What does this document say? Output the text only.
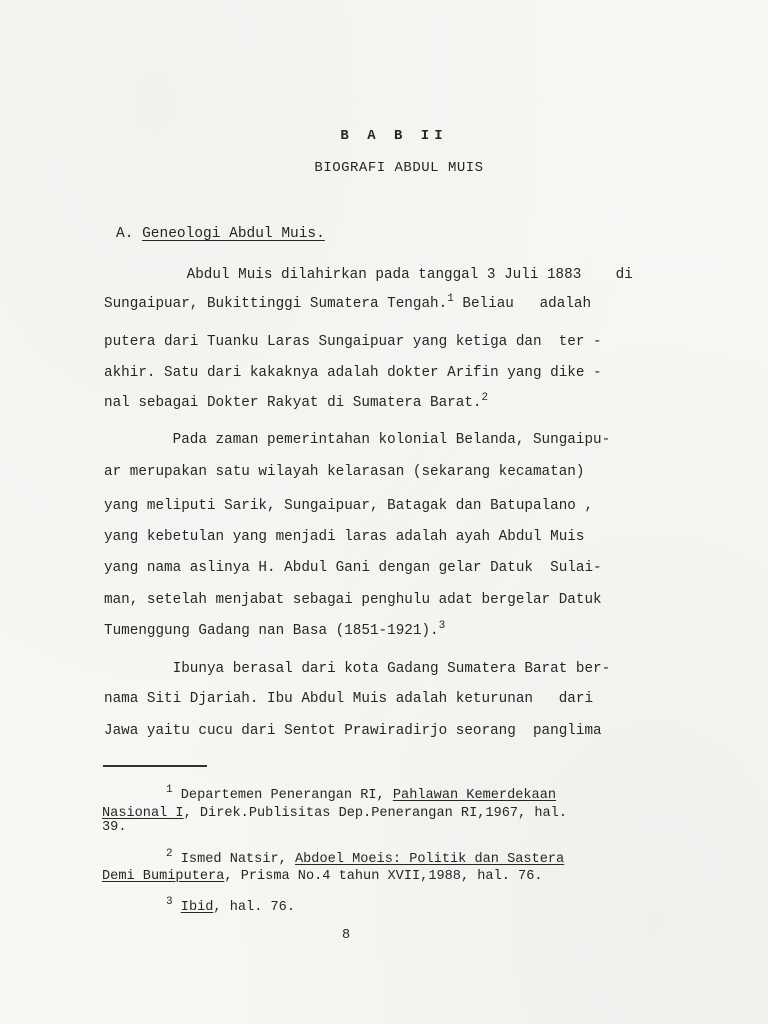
B A B II
BIOGRAFI ABDUL MUIS
A. Geneologi Abdul Muis.
Abdul Muis dilahirkan pada tanggal 3 Juli 1883    di
Sungaipuar, Bukittinggi Sumatera Tengah.$^1$ Beliau   adalah
putera dari Tuanku Laras Sungaipuar yang ketiga dan  ter -
akhir. Satu dari kakaknya adalah dokter Arifin yang dike -
nal sebagai Dokter Rakyat di Sumatera Barat.$^2$
Pada zaman pemerintahan kolonial Belanda, Sungaipu-
ar merupakan satu wilayah kelarasan (sekarang kecamatan)
yang meliputi Sarik, Sungaipuar, Batagak dan Batupalano ,
yang kebetulan yang menjadi laras adalah ayah Abdul Muis
yang nama aslinya H. Abdul Gani dengan gelar Datuk  Sulai-
man, setelah menjabat sebagai penghulu adat bergelar Datuk
Tumenggung Gadang nan Basa (1851-1921).$^3$
Ibunya berasal dari kota Gadang Sumatera Barat ber-
nama Siti Djariah. Ibu Abdul Muis adalah keturunan   dari
Jawa yaitu cucu dari Sentot Prawiradirjo seorang  panglima
$^1$ Departemen Penerangan RI, Pahlawan Kemerdekaan
Nasional I, Direk.Publisitas Dep.Penerangan RI,1967, hal.
39.
$^2$ Ismed Natsir, Abdoel Moeis: Politik dan Sastera
Demi Bumiputera, Prisma No.4 tahun XVII,1988, hal. 76.
$^3$ Ibid, hal. 76.
8
